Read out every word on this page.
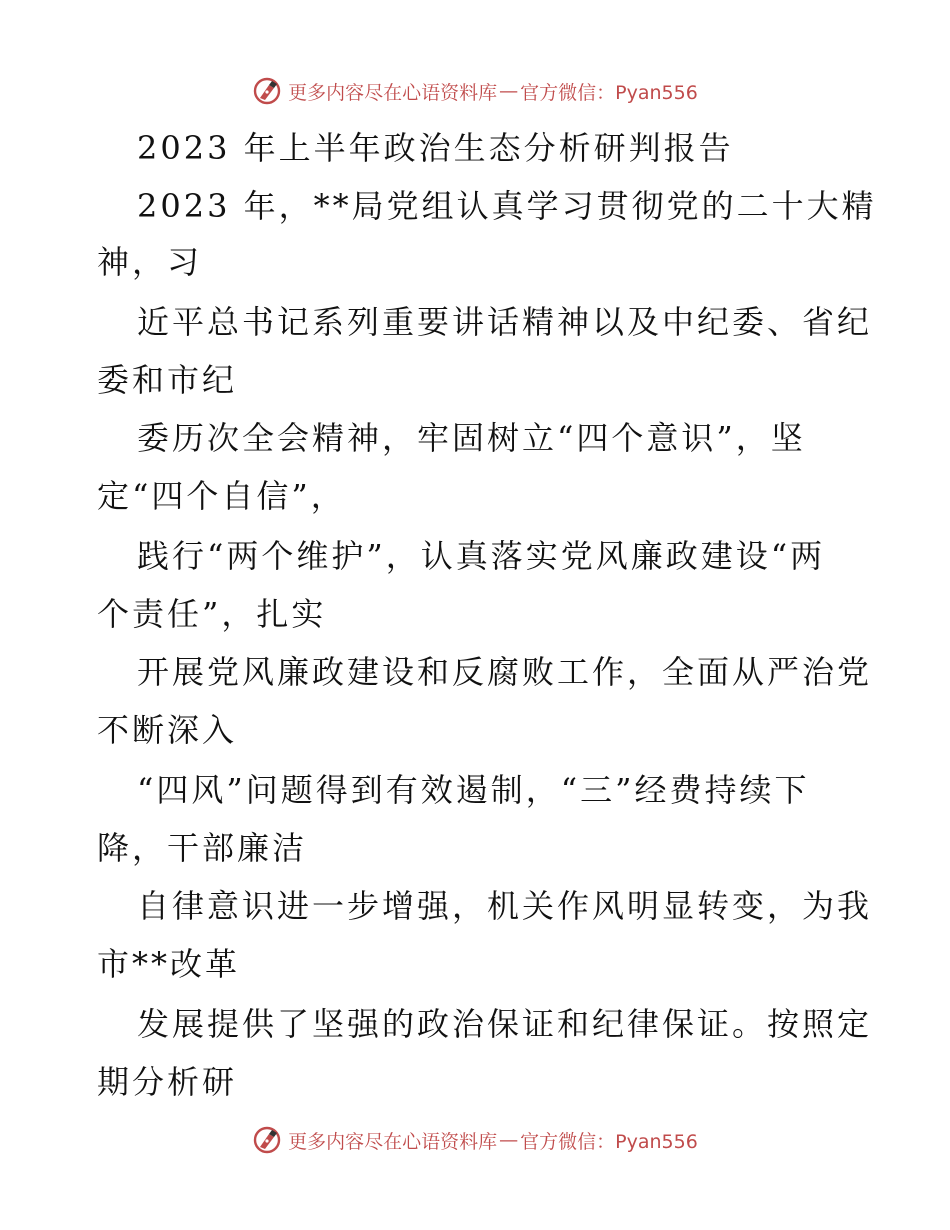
更多内容尽在心语资料库 — 官方微信：Pyan556
2023 年上半年政治生态分析研判报告
2023 年，**局党组认真学习贯彻党的二十大精
神，习
近平总书记系列重要讲话精神以及中纪委、省纪
委和市纪
委历次全会精神，牢固树立“四个意识”，坚
定“四个自信”，
践行“两个维护”，认真落实党风廉政建设“两
个责任”，扎实
开展党风廉政建设和反腐败工作，全面从严治党
不断深入
“四风”问题得到有效遏制，“三”经费持续下
降，干部廉洁
自律意识进一步增强，机关作风明显转变，为我
市**改革
发展提供了坚强的政治保证和纪律保证。按照定
期分析研
更多内容尽在心语资料库 — 官方微信：Pyan556
